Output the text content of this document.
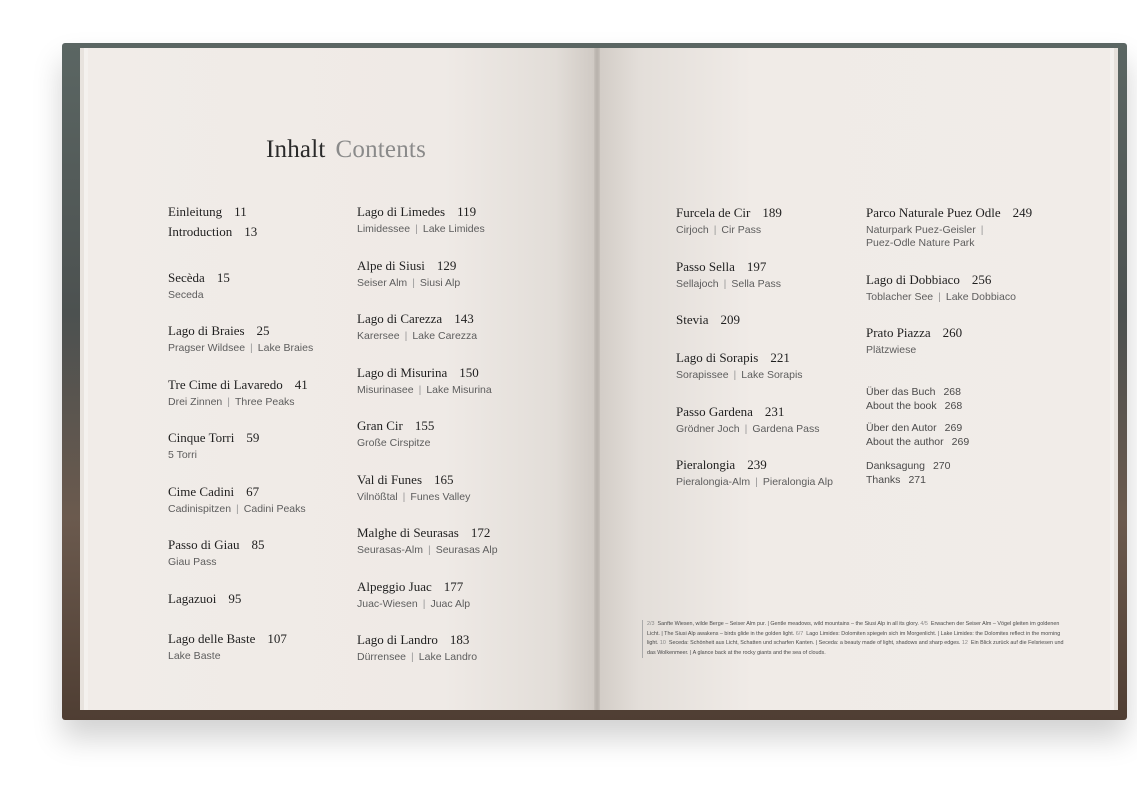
Inhalt Contents
Einleitung 11
Introduction 13
Secèda 15
Seceda
Lago di Braies 25
Pragser Wildsee | Lake Braies
Tre Cime di Lavaredo 41
Drei Zinnen | Three Peaks
Cinque Torri 59
5 Torri
Cime Cadini 67
Cadinispitzen | Cadini Peaks
Passo di Giau 85
Giau Pass
Lagazuoi 95
Lago delle Baste 107
Lake Baste
Lago di Limedes 119
Limidessee | Lake Limides
Alpe di Siusi 129
Seiser Alm | Siusi Alp
Lago di Carezza 143
Karersee | Lake Carezza
Lago di Misurina 150
Misurinasee | Lake Misurina
Gran Cir 155
Große Cirspitze
Val di Funes 165
Vilnößtal | Funes Valley
Malghe di Seurasas 172
Seurasas-Alm | Seurasas Alp
Alpeggio Juac 177
Juac-Wiesen | Juac Alp
Lago di Landro 183
Dürrensee | Lake Landro
Furcela de Cir 189
Cirjoch | Cir Pass
Passo Sella 197
Sellajoch | Sella Pass
Stevia 209
Lago di Sorapis 221
Sorapissee | Lake Sorapis
Passo Gardena 231
Grödner Joch | Gardena Pass
Pieralongia 239
Pieralongia-Alm | Pieralongia Alp
Parco Naturale Puez Odle 249
Naturpark Puez-Geisler |
Puez-Odle Nature Park
Lago di Dobbiaco 256
Toblacher See | Lake Dobbiaco
Prato Piazza 260
Plätzwiese
Über das Buch 268
About the book 268
Über den Autor 269
About the author 269
Danksagung 270
Thanks 271
2/3 Sanfte Wiesen, wilde Berge – Seiser Alm pur. | Gentle meadows, wild mountains – the Siusi Alp in all its glory. 4/5 Erwachen der Seiser Alm – Vögel gleiten im goldenen Licht. | The Siusi Alp awakens – birds glide in the golden light. 6/7 Lago Limides: Dolomiten spiegeln sich im Morgenlicht. | Lake Limides: the Dolomites reflect in the morning light. 10 Seceda: Schönheit aus Licht, Schatten und scharfen Kanten. | Seceda: a beauty made of light, shadows and sharp edges. 12 Ein Blick zurück auf die Felsriesen und das Wolkenmeer. | A glance back at the rocky giants and the sea of clouds.
